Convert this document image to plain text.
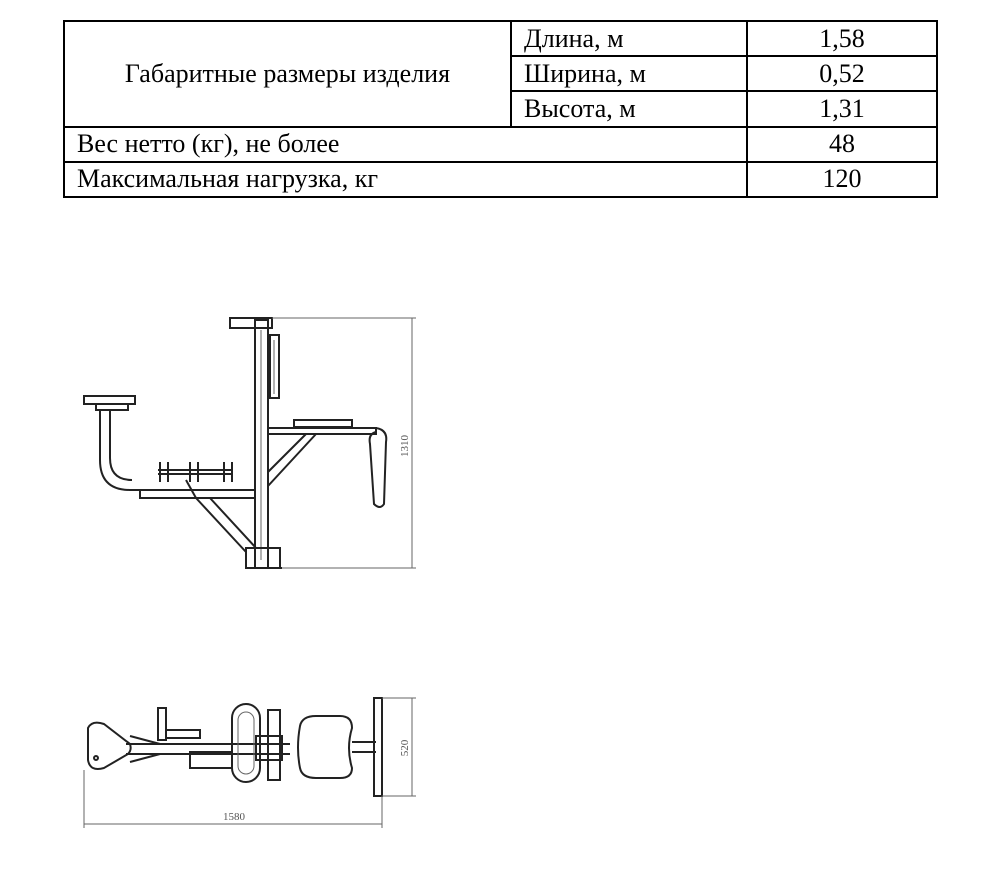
Габаритные размеры изделия	Длина, м	1,58
	Ширина, м	0,52
	Высота, м	1,31
Вес нетто (кг), не более		48
Максимальная нагрузка, кг		120
1310
520
1580
